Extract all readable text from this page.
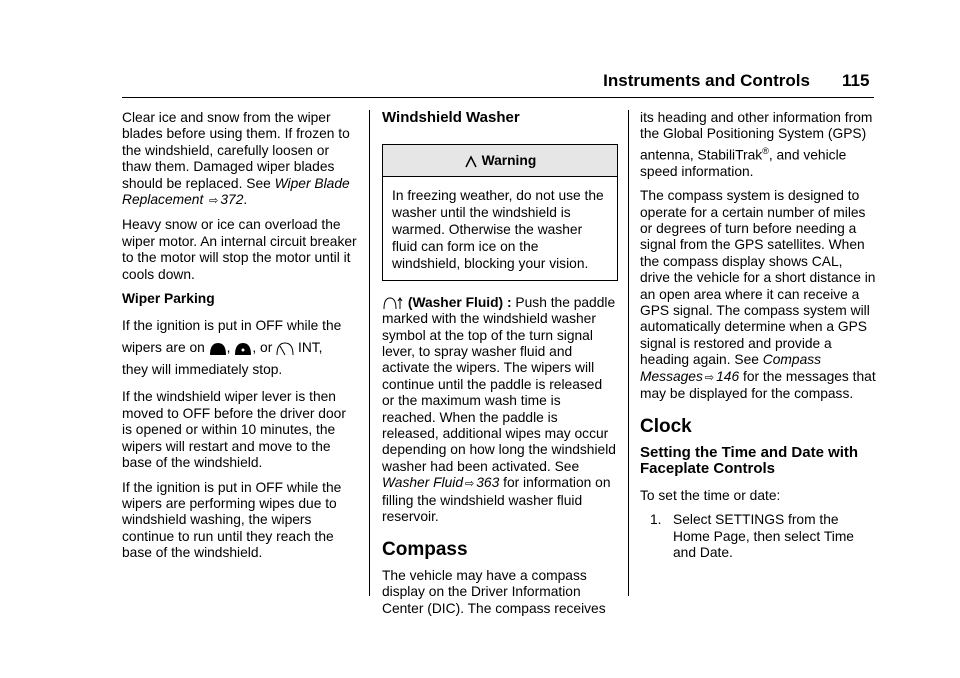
Instruments and Controls 115

Clear ice and snow from the wiper blades before using them. If frozen to the windshield, carefully loosen or thaw them. Damaged wiper blades should be replaced. See Wiper Blade Replacement ⇨ 372.

Heavy snow or ice can overload the wiper motor. An internal circuit breaker to the motor will stop the motor until it cools down.

Wiper Parking

If the ignition is put in OFF while the
wipers are on , , or INT,
they will immediately stop.

If the windshield wiper lever is then moved to OFF before the driver door is opened or within 10 minutes, the wipers will restart and move to the base of the windshield.

If the ignition is put in OFF while the wipers are performing wipes due to windshield washing, the wipers continue to run until they reach the base of the windshield.

Windshield Washer
Warning
In freezing weather, do not use the washer until the windshield is warmed. Otherwise the washer fluid can form ice on the windshield, blocking your vision.

(Washer Fluid) : Push the paddle marked with the windshield washer symbol at the top of the turn signal lever, to spray washer fluid and activate the wipers. The wipers will continue until the paddle is released or the maximum wash time is reached. When the paddle is released, additional wipes may occur depending on how long the windshield washer had been activated. See Washer Fluid ⇨ 363 for information on filling the windshield washer fluid reservoir.

Compass

The vehicle may have a compass display on the Driver Information Center (DIC). The compass receives

its heading and other information from the Global Positioning System (GPS) antenna, StabiliTrak®, and vehicle speed information.

The compass system is designed to operate for a certain number of miles or degrees of turn before needing a signal from the GPS satellites. When the compass display shows CAL, drive the vehicle for a short distance in an open area where it can receive a GPS signal. The compass system will automatically determine when a GPS signal is restored and provide a heading again. See Compass Messages ⇨ 146 for the messages that may be displayed for the compass.

Clock
Setting the Time and Date with Faceplate Controls

To set the time or date:

1. Select SETTINGS from the Home Page, then select Time and Date.
